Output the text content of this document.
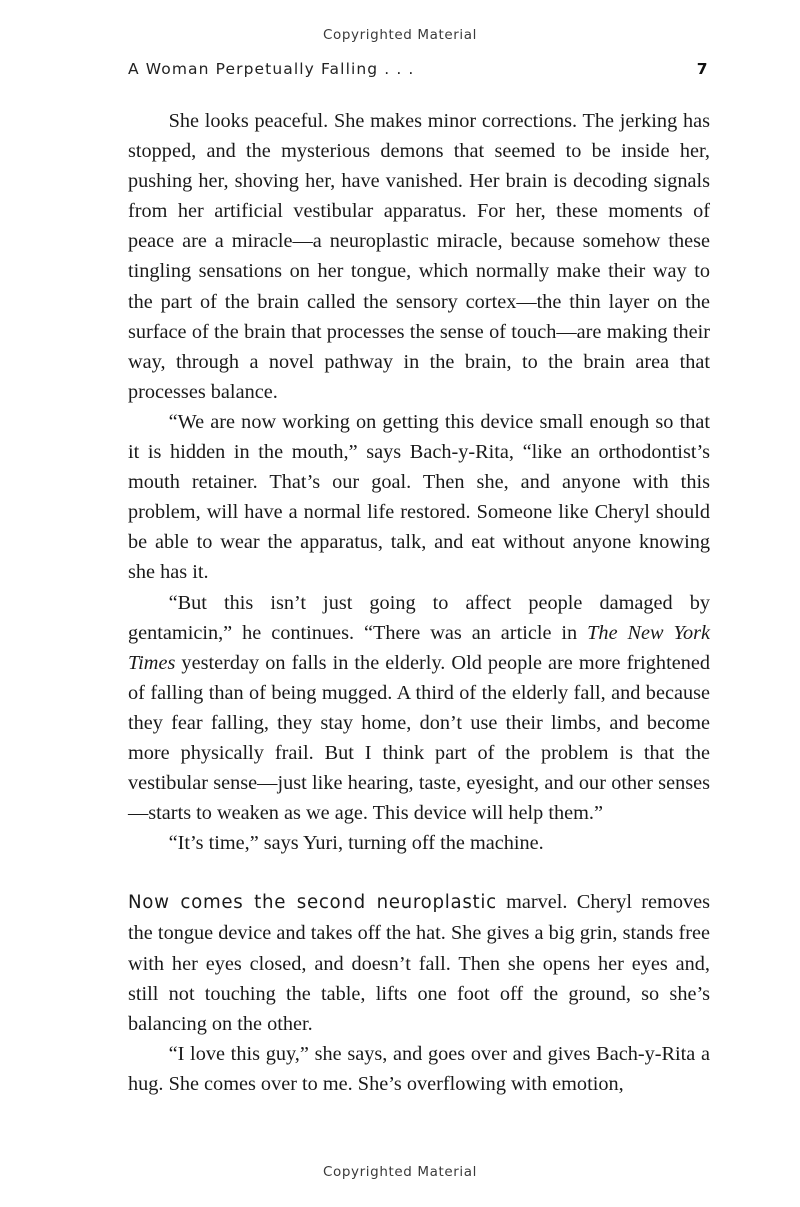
Copyrighted Material
A Woman Perpetually Falling . . .	7

She looks peaceful. She makes minor corrections. The jerking has stopped, and the mysterious demons that seemed to be inside her, pushing her, shoving her, have vanished. Her brain is decoding signals from her artificial vestibular apparatus. For her, these moments of peace are a miracle—a neuroplastic miracle, because somehow these tingling sensations on her tongue, which normally make their way to the part of the brain called the sensory cortex—the thin layer on the surface of the brain that processes the sense of touch—are making their way, through a novel pathway in the brain, to the brain area that processes balance.

“We are now working on getting this device small enough so that it is hidden in the mouth,” says Bach-y-Rita, “like an orthodontist’s mouth retainer. That’s our goal. Then she, and anyone with this problem, will have a normal life restored. Someone like Cheryl should be able to wear the apparatus, talk, and eat without anyone knowing she has it.

“But this isn’t just going to affect people damaged by gentamicin,” he continues. “There was an article in The New York Times yesterday on falls in the elderly. Old people are more frightened of falling than of being mugged. A third of the elderly fall, and because they fear falling, they stay home, don’t use their limbs, and become more physically frail. But I think part of the problem is that the vestibular sense—just like hearing, taste, eyesight, and our other senses—starts to weaken as we age. This device will help them.”

“It’s time,” says Yuri, turning off the machine.

Now comes the second neuroplastic marvel. Cheryl removes the tongue device and takes off the hat. She gives a big grin, stands free with her eyes closed, and doesn’t fall. Then she opens her eyes and, still not touching the table, lifts one foot off the ground, so she’s balancing on the other.

“I love this guy,” she says, and goes over and gives Bach-y-Rita a hug. She comes over to me. She’s overflowing with emotion,

Copyrighted Material
